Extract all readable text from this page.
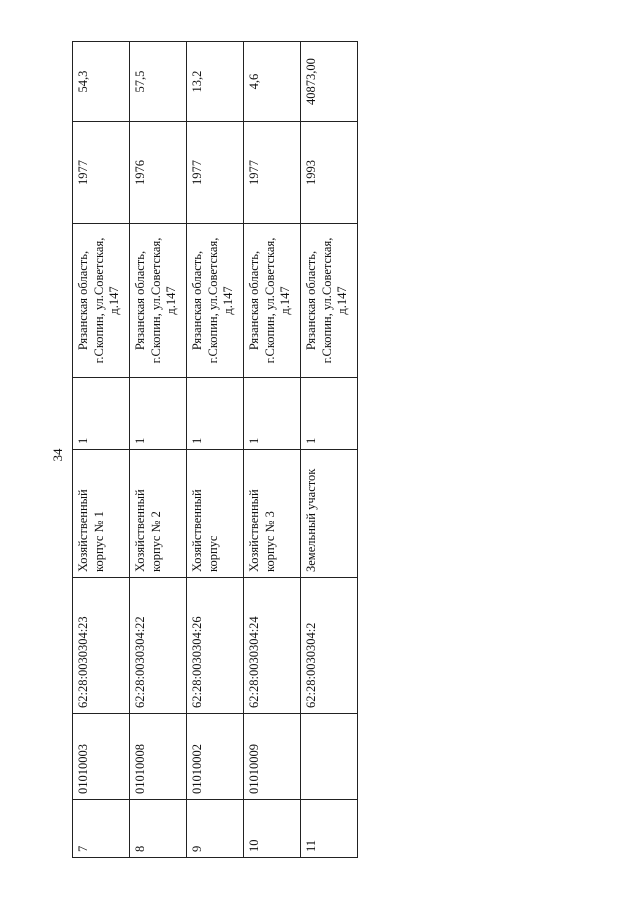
34
7	01010003	62:28:0030304:23	Хозяйственный корпус № 1	1	Рязанская область, г.Скопин, ул.Советская, д.147	1977	54,3
8	01010008	62:28:0030304:22	Хозяйственный корпус № 2	1	Рязанская область, г.Скопин, ул.Советская, д.147	1976	57,5
9	01010002	62:28:0030304:26	Хозяйственный корпус	1	Рязанская область, г.Скопин, ул.Советская, д.147	1977	13,2
10	01010009	62:28:0030304:24	Хозяйственный корпус № 3	1	Рязанская область, г.Скопин, ул.Советская, д.147	1977	4,6
11		62:28:0030304:2	Земельный участок	1	Рязанская область, г.Скопин, ул.Советская, д.147	1993	40873,00
